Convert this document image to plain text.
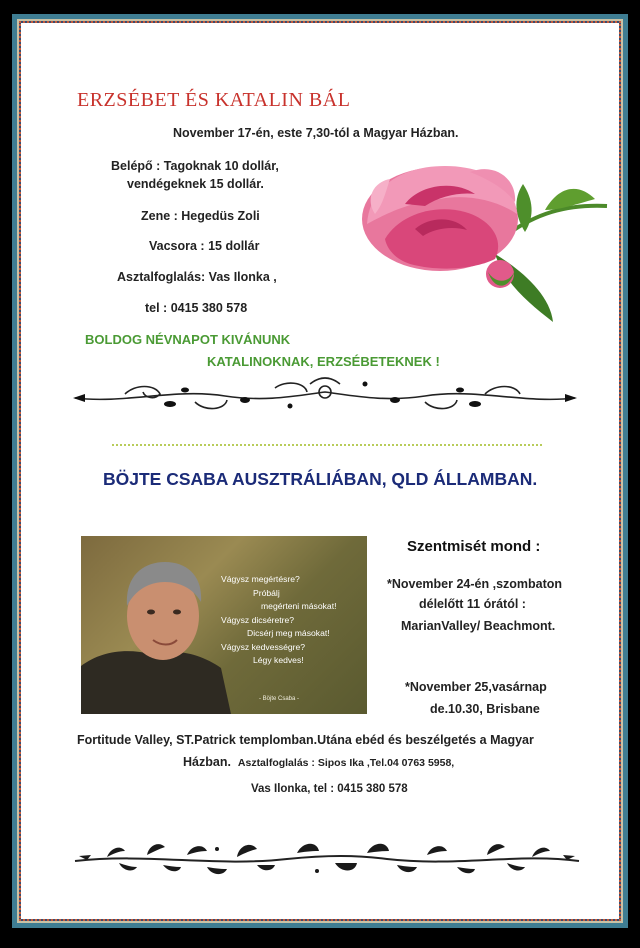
ERZSÉBET ÉS KATALIN BÁL
November 17-én, este 7,30-tól a Magyar Házban.
Belépő : Tagoknak 10 dollár,
vendégeknek 15 dollár.
Zene : Hegedüs Zoli
Vacsora : 15 dollár
Asztalfoglalás: Vas Ilonka ,
tel : 0415 380 578
BOLDOG NÉVNAPOT KIVÁNUNK
KATALINOKNAK, ERZSÉBETEKNEK !
BÖJTE CSABA AUSZTRÁLIÁBAN, QLD ÁLLAMBAN.
Vágysz megértésre?
Próbálj
megérteni másokat!
Vágysz dicséretre?
Dicsérj meg másokat!
Vágysz kedvességre?
Légy kedves!
- Böjte Csaba -
Szentmisét mond :
*November 24-én ,szombaton
délelőtt 11 órától :
MarianValley/ Beachmont.
*November 25,vasárnap
de.10.30, Brisbane
Fortitude Valley, ST.Patrick templomban.Utána ebéd és beszélgetés a Magyar
Házban. Asztalfoglalás : Sipos Ika ,Tel.04 0763 5958,
Vas Ilonka, tel : 0415 380 578
